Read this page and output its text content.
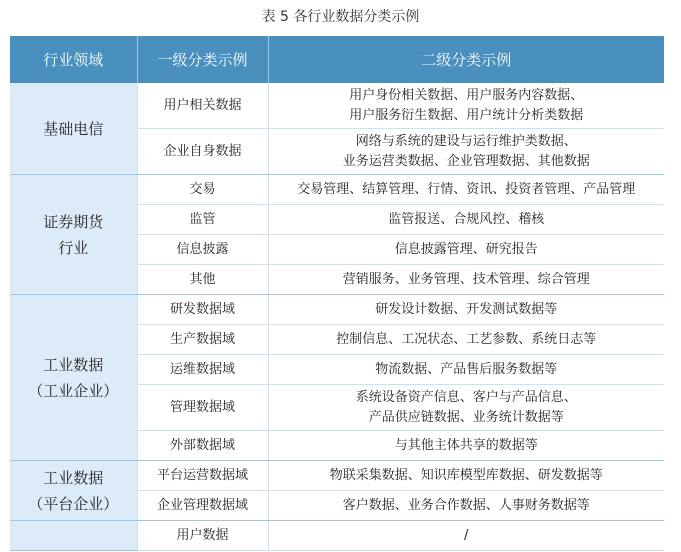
表 5 各行业数据分类示例
行业领域	一级分类示例	二级分类示例

基础电信	用户相关数据	用户身份相关数据、用户服务内容数据、
用户服务衍生数据、用户统计分析类数据

	企业自身数据	网络与系统的建设与运行维护类数据、
业务运营类数据、企业管理数据、其他数据

证券期货
行业	交易	交易管理、结算管理、行情、资讯、投资者管理、产品管理
	监管	监管报送、合规风控、稽核
	信息披露	信息披露管理、研究报告
	其他	营销服务、业务管理、技术管理、综合管理

工业数据
（工业企业）	研发数据域	研发设计数据、开发测试数据等
	生产数据域	控制信息、工况状态、工艺参数、系统日志等
	运维数据域	物流数据、产品售后服务数据等
	管理数据域	系统设备资产信息、客户与产品信息、
产品供应链数据、业务统计数据等

	外部数据域	与其他主体共享的数据等

工业数据
（平台企业）	平台运营数据域	物联采集数据、知识库模型库数据、研发数据等
	企业管理数据域	客户数据、业务合作数据、人事财务数据等
	用户数据	/
